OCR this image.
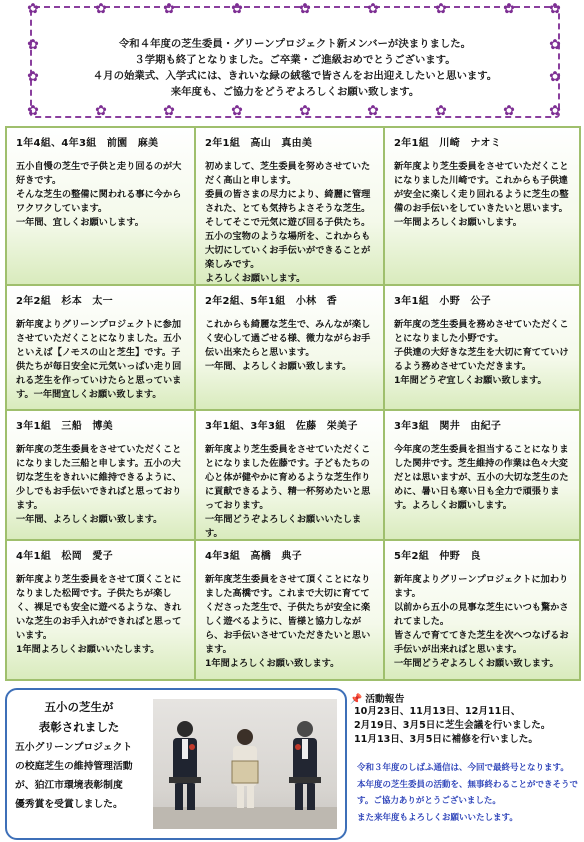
✿
✿
✿
✿
✿
✿
✿
✿
✿
✿
✿
✿
✿
✿
✿
✿
✿
✿
✿
✿
✿
✿
令和４年度の芝生委員・グリーンプロジェクト新メンバーが決まりました。
３学期も終了となりました。ご卒業・ご進級おめでとうございます。
４月の始業式、入学式には、きれいな緑の絨毯で皆さんをお出迎えしたいと思います。
来年度も、ご協力をどうぞよろしくお願い致します。
1年4組、4年3組　前園　麻美
五小自慢の芝生で子供と走り回るのが大好きです。
そんな芝生の整備に関われる事に今からワクワクしています。
一年間、宜しくお願いします。
2年1組　高山　真由美
初めまして、芝生委員を努めさせていただく高山と申します。
委員の皆さまの尽力により、綺麗に管理された、とても気持ちよさそうな芝生。そしてそこで元気に遊び回る子供たち。五小の宝物のような場所を、これからも大切にしていくお手伝いができることが楽しみです。
よろしくお願いします。
2年1組　川崎　ナオミ
新年度より芝生委員をさせていただくことになりました川崎です。これからも子供達が安全に楽しく走り回れるように芝生の整備のお手伝いをしていきたいと思います。
一年間よろしくお願いします。
2年2組　杉本　太一
新年度よりグリーンプロジェクトに参加させていただくことになりました。五小といえば【ノモスの山と芝生】です。子供たちが毎日安全に元気いっぱい走り回れる芝生を作っていけたらと思っています。一年間宜しくお願い致します。
2年2組、5年1組　小林　香
これからも綺麗な芝生で、みんなが楽しく安心して過ごせる様、微力ながらお手伝い出来たらと思います。
一年間、よろしくお願い致します。
3年1組　小野　公子
新年度の芝生委員を務めさせていただくことになりました小野です。
子供達の大好きな芝生を大切に育てていけるよう務めさせていただきます。
1年間どうぞ宜しくお願い致します。
3年1組　三船　博美
新年度の芝生委員をさせていただくことになりました三船と申します。五小の大切な芝生をきれいに維持できるように、少しでもお手伝いできればと思っております。
一年間、よろしくお願い致します。
3年1組、3年3組　佐藤　栄美子
新年度より芝生委員をさせていただくことになりました佐藤です。子どもたちの心と体が健やかに育めるような芝生作りに貢献できるよう、精一杯努めたいと思っております。
一年間どうぞよろしくお願いいたします。
3年3組　関井　由紀子
今年度の芝生委員を担当することになりました関井です。芝生維持の作業は色々大変だとは思いますが、五小の大切な芝生のために、暑い日も寒い日も全力で頑張ります。よろしくお願いします。
4年1組　松岡　愛子
新年度より芝生委員をさせて頂くことになりました松岡です。子供たちが楽しく、裸足でも安全に遊べるような、きれいな芝生のお手入れができればと思っています。
1年間よろしくお願いいたします。
4年3組　高橋　典子
新年度芝生委員をさせて頂くことになりました高橋です。これまで大切に育ててくださった芝生で、子供たちが安全に楽しく遊べるように、皆様と協力しながら、お手伝いさせていただきたいと思います。
1年間よろしくお願い致します。
5年2組　仲野　良
新年度よりグリーンプロジェクトに加わります。
以前から五小の見事な芝生にいつも驚かされてました。
皆さんで育ててきた芝生を次へつなげるお手伝いが出来ればと思います。
一年間どうぞよろしくお願い致します。
五小の芝生が
表彰されました
五小グリーンプロジェクト
の校庭芝生の維持管理活動
が、狛江市環境表彰制度
優秀賞を受賞しました。
📌 活動報告
10月23日、11月13日、12月11日、
2月19日、3月5日に芝生会議を行いました。
11月13日、3月5日に補修を行いました。
令和３年度のしばふ通信は、今回で最終号となります。
本年度の芝生委員の活動を、無事終わることができそうです。ご協力ありがとうございました。
また来年度もよろしくお願いいたします。
